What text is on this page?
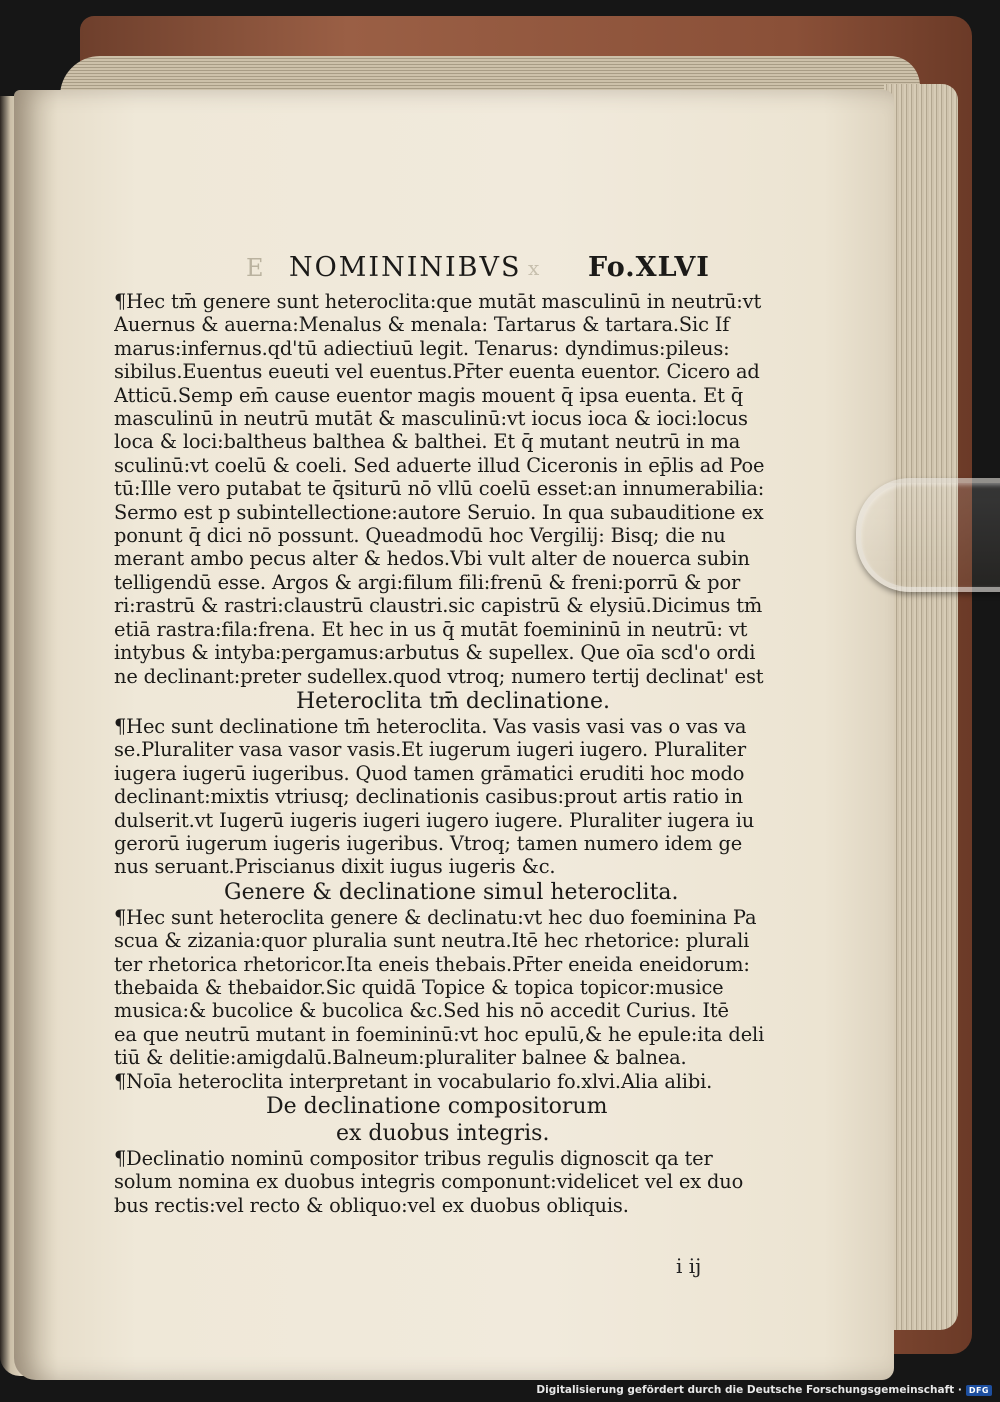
E NOMININIBVS x Fo.XLVI

¶Hec tm̄ genere sunt heteroclita:que mutāt masculinū in neutrū:vt
Auernus & auerna:Menalus & menala: Tartarus & tartara.Sic If
marus:infernus.qd'tū adiectiuū legit. Tenarus: dyndimus:pileus:
sibilus.Euentus eueuti vel euentus.Pr̄ter euenta euentor. Cicero ad
Atticū.Semp em̄ cause euentor magis mouent q̄ ipsa euenta. Et q̄
masculinū in neutrū mutāt & masculinū:vt iocus ioca & ioci:locus
loca & loci:baltheus balthea & balthei. Et q̄ mutant neutrū in ma
sculinū:vt coelū & coeli. Sed aduerte illud Ciceronis in ep̄lis ad Poe
tū:Ille vero putabat te q̄siturū nō vllū coelū esset:an innumerabilia:
Sermo est p subintellectione:autore Seruio. In qua subauditione ex
ponunt q̄ dici nō possunt. Queadmodū hoc Vergilij: Bisq; die nu
merant ambo pecus alter & hedos.Vbi vult alter de nouerca subin
telligendū esse. Argos & argi:filum fili:frenū & freni:porrū & por
ri:rastrū & rastri:claustrū claustri.sic capistrū & elysiū.Dicimus tm̄
etiā rastra:fila:frena. Et hec in us q̄ mutāt foemininū in neutrū: vt
intybus & intyba:pergamus:arbutus & supellex. Que oīa scd'o ordi
ne declinant:preter sudellex.quod vtroq; numero tertij declinat' est

Heteroclita tm̄ declinatione.

¶Hec sunt declinatione tm̄ heteroclita. Vas vasis vasi vas o vas va
se.Pluraliter vasa vasor vasis.Et iugerum iugeri iugero. Pluraliter
iugera iugerū iugeribus. Quod tamen grāmatici eruditi hoc modo
declinant:mixtis vtriusq; declinationis casibus:prout artis ratio in
dulserit.vt Iugerū iugeris iugeri iugero iugere. Pluraliter iugera iu
gerorū iugerum iugeris iugeribus. Vtroq; tamen numero idem ge
nus seruant.Priscianus dixit iugus iugeris &c.

Genere & declinatione simul heteroclita.

¶Hec sunt heteroclita genere & declinatu:vt hec duo foeminina Pa
scua & zizania:quor pluralia sunt neutra.Itē hec rhetorice: plurali
ter rhetorica rhetoricor.Ita eneis thebais.Pr̄ter eneida eneidorum:
thebaida & thebaidor.Sic quidā Topice & topica topicor:musice
musica:& bucolice & bucolica &c.Sed his nō accedit Curius. Itē
ea que neutrū mutant in foemininū:vt hoc epulū,& he epule:ita deli
tiū & delitie:amigdalū.Balneum:pluraliter balnee & balnea.
¶Noīa heteroclita interpretant in vocabulario fo.xlvi.Alia alibi.

De declinatione compositorum

ex duobus integris.

¶Declinatio nominū compositor tribus regulis dignoscit qa ter
solum nomina ex duobus integris componunt:videlicet vel ex duo
bus rectis:vel recto & obliquo:vel ex duobus obliquis.

i ij
Digitalisierung gefördert durch die Deutsche Forschungsgemeinschaft · DFG
